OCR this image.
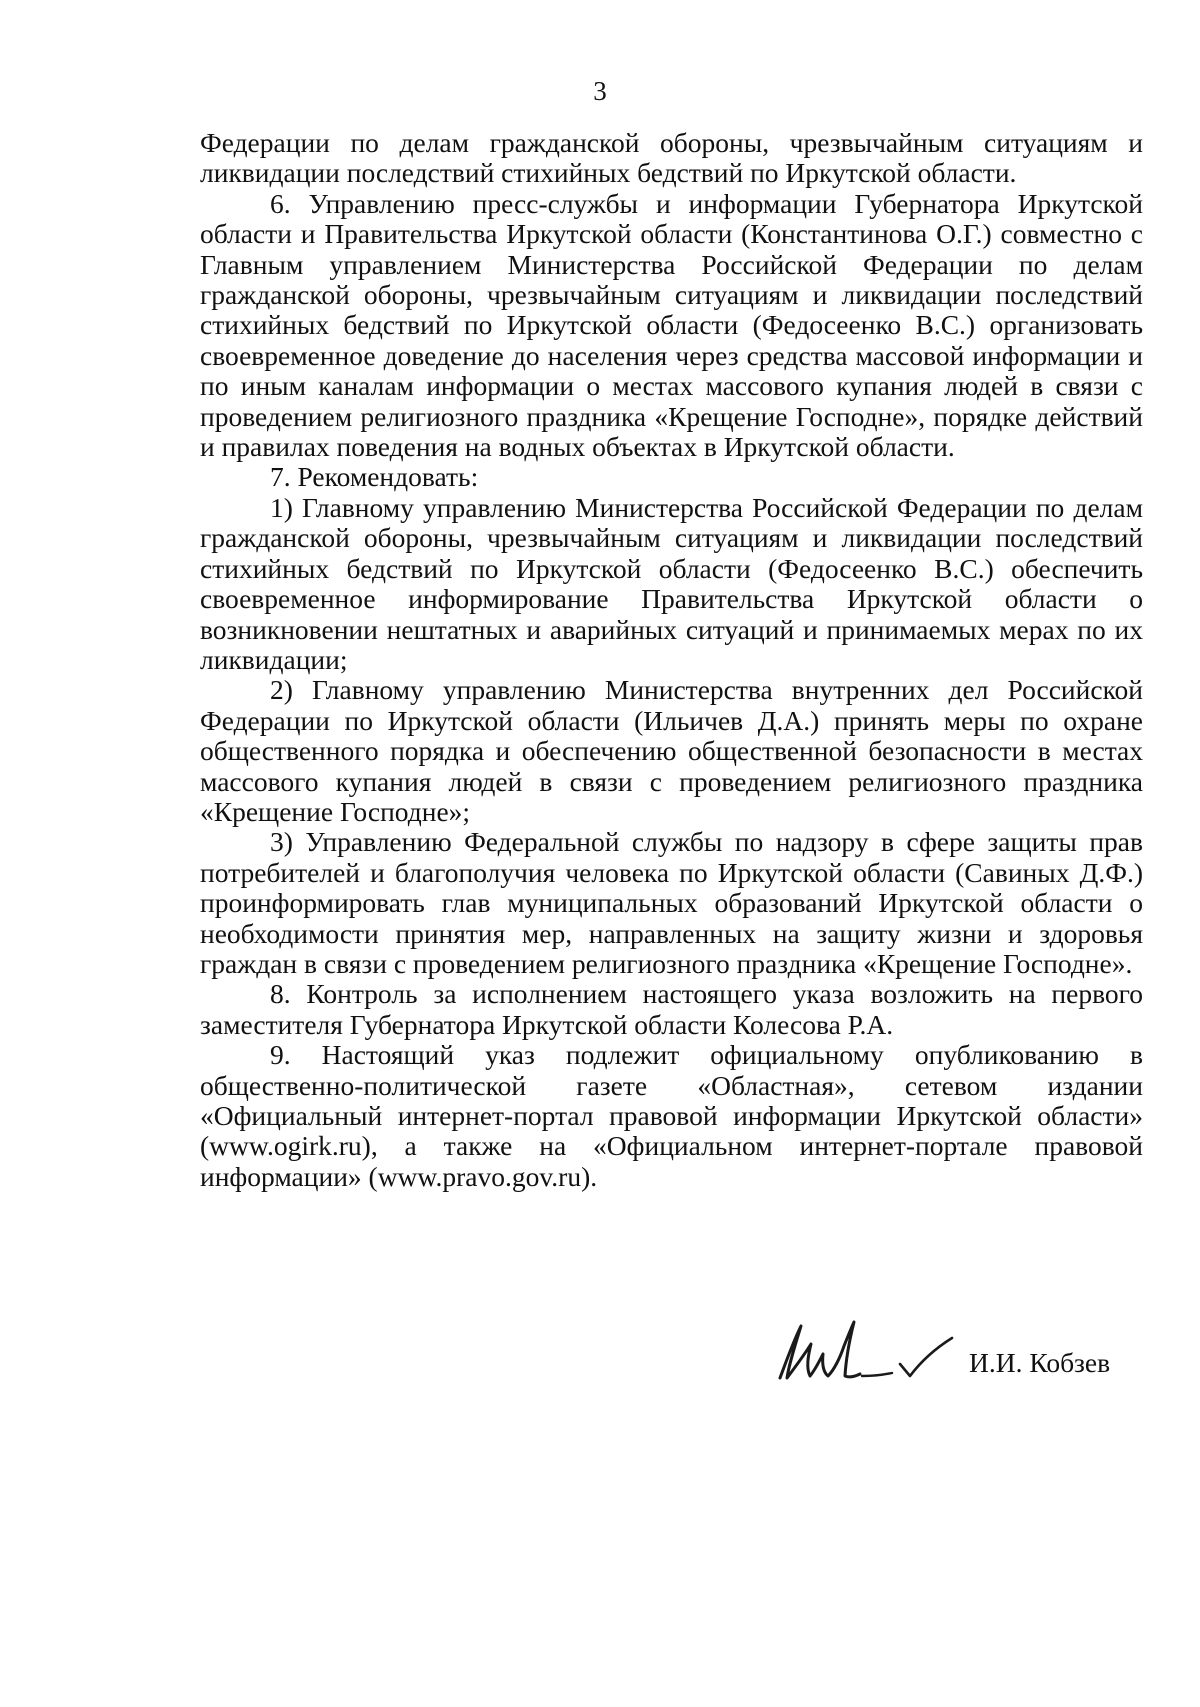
3

Федерации по делам гражданской обороны, чрезвычайным ситуациям и ликвидации последствий стихийных бедствий по Иркутской области.

6. Управлению пресс-службы и информации Губернатора Иркутской области и Правительства Иркутской области (Константинова О.Г.) совместно с Главным управлением Министерства Российской Федерации по делам гражданской обороны, чрезвычайным ситуациям и ликвидации последствий стихийных бедствий по Иркутской области (Федосеенко В.С.) организовать своевременное доведение до населения через средства массовой информации и по иным каналам информации о местах массового купания людей в связи с проведением религиозного праздника «Крещение Господне», порядке действий и правилах поведения на водных объектах в Иркутской области.

7. Рекомендовать:

1) Главному управлению Министерства Российской Федерации по делам гражданской обороны, чрезвычайным ситуациям и ликвидации последствий стихийных бедствий по Иркутской области (Федосеенко В.С.) обеспечить своевременное информирование Правительства Иркутской области о возникновении нештатных и аварийных ситуаций и принимаемых мерах по их ликвидации;

2) Главному управлению Министерства внутренних дел Российской Федерации по Иркутской области (Ильичев Д.А.) принять меры по охране общественного порядка и обеспечению общественной безопасности в местах массового купания людей в связи с проведением религиозного праздника «Крещение Господне»;

3) Управлению Федеральной службы по надзору в сфере защиты прав потребителей и благополучия человека по Иркутской области (Савиных Д.Ф.) проинформировать глав муниципальных образований Иркутской области о необходимости принятия мер, направленных на защиту жизни и здоровья граждан в связи с проведением религиозного праздника «Крещение Господне».

8. Контроль за исполнением настоящего указа возложить на первого заместителя Губернатора Иркутской области Колесова Р.А.

9. Настоящий указ подлежит официальному опубликованию в общественно-политической газете «Областная», сетевом издании «Официальный интернет-портал правовой информации Иркутской области» (www.ogirk.ru), а также на «Официальном интернет-портале правовой информации» (www.pravo.gov.ru).

И.И. Кобзев
